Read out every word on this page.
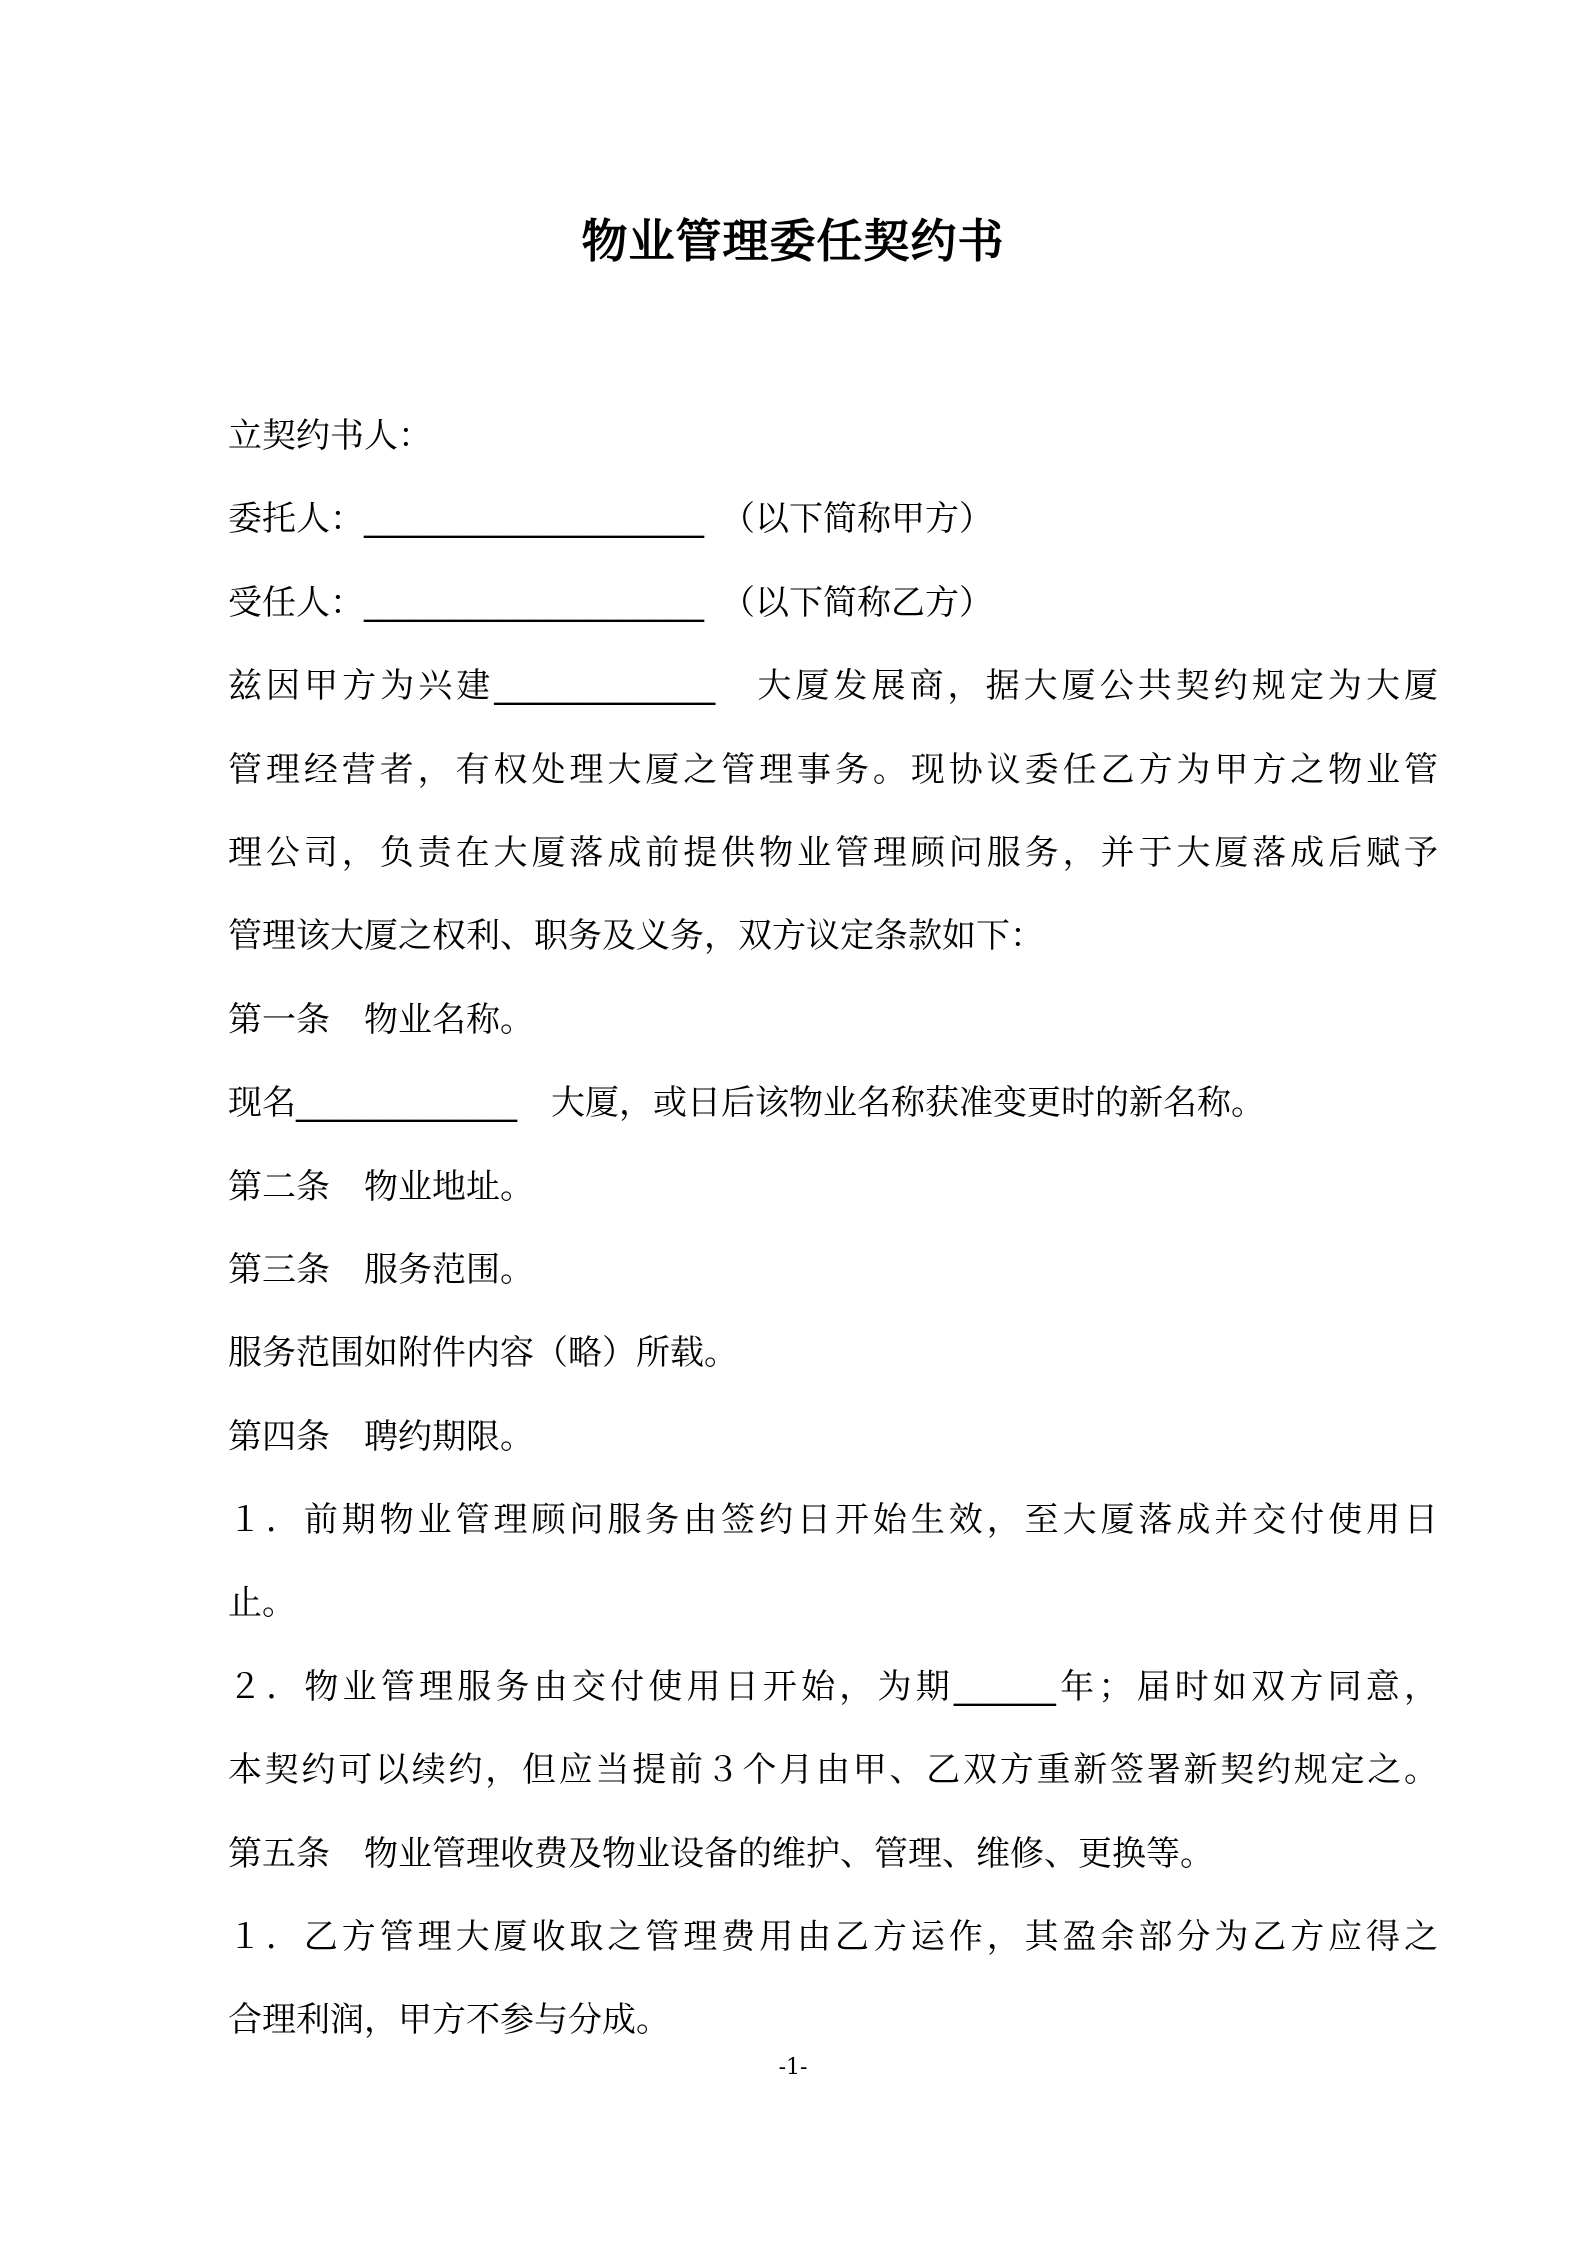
物业管理委任契约书
立契约书人：
委托人：____________________　（以下简称甲方）
受任人：____________________　（以下简称乙方）
兹因甲方为兴建_____________　大厦发展商，据大厦公共契约规定为大厦
管理经营者，有权处理大厦之管理事务。现协议委任乙方为甲方之物业管
理公司，负责在大厦落成前提供物业管理顾问服务，并于大厦落成后赋予
管理该大厦之权利、职务及义务，双方议定条款如下：
第一条　物业名称。
现名_____________　大厦，或日后该物业名称获准变更时的新名称。
第二条　物业地址。
第三条　服务范围。
服务范围如附件内容（略）所载。
第四条　聘约期限。
１．前期物业管理顾问服务由签约日开始生效，至大厦落成并交付使用日
止。
２．物业管理服务由交付使用日开始，为期______年；届时如双方同意，
本契约可以续约，但应当提前３个月由甲、乙双方重新签署新契约规定之。
第五条　物业管理收费及物业设备的维护、管理、维修、更换等。
１．乙方管理大厦收取之管理费用由乙方运作，其盈余部分为乙方应得之
合理利润，甲方不参与分成。
-1-
